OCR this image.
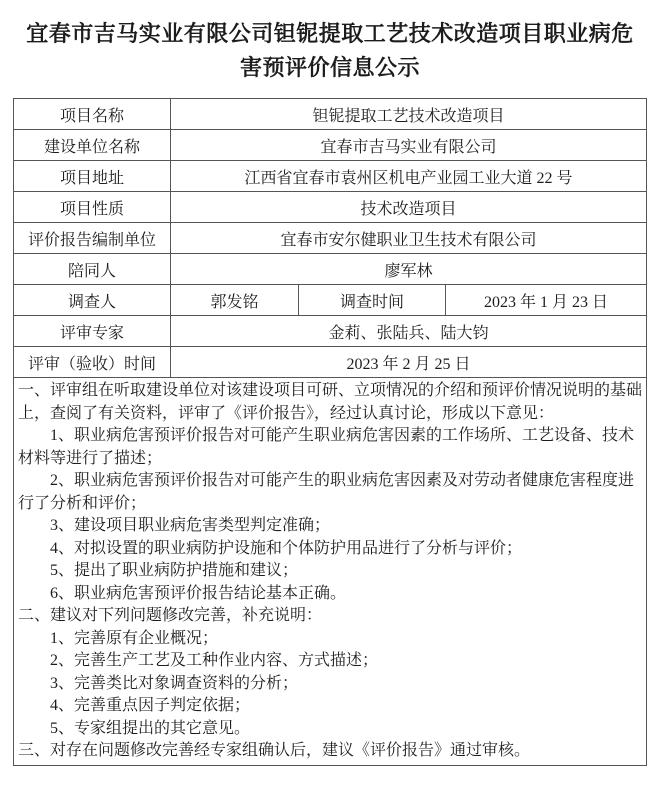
宜春市吉马实业有限公司钽铌提取工艺技术改造项目职业病危害预评价信息公示
项目名称	钽铌提取工艺技术改造项目		
建设单位名称	宜春市吉马实业有限公司		
项目地址	江西省宜春市袁州区机电产业园工业大道 22 号		
项目性质	技术改造项目		
评价报告编制单位	宜春市安尔健职业卫生技术有限公司		
陪同人	廖军林		
调查人	郭发铭	调查时间	2023 年 1 月 23 日
评审专家	金莉、张陆兵、陆大钧		
评审（验收）时间	2023 年 2 月 25 日		

一、评审组在听取建设单位对该建设项目可研、立项情况的介绍和预评价情况说明的基础上，查阅了有关资料，评审了《评价报告》，经过认真讨论，形成以下意见：

1、职业病危害预评价报告对可能产生职业病危害因素的工作场所、工艺设备、技术材料等进行了描述；

2、职业病危害预评价报告对可能产生的职业病危害因素及对劳动者健康危害程度进行了分析和评价；

3、建设项目职业病危害类型判定准确；

4、对拟设置的职业病防护设施和个体防护用品进行了分析与评价；

5、提出了职业病防护措施和建议；

6、职业病危害预评价报告结论基本正确。

二、建议对下列问题修改完善，补充说明：

1、完善原有企业概况；

2、完善生产工艺及工种作业内容、方式描述；

3、完善类比对象调查资料的分析；

4、完善重点因子判定依据；

5、专家组提出的其它意见。

三、对存在问题修改完善经专家组确认后，建议《评价报告》通过审核。
